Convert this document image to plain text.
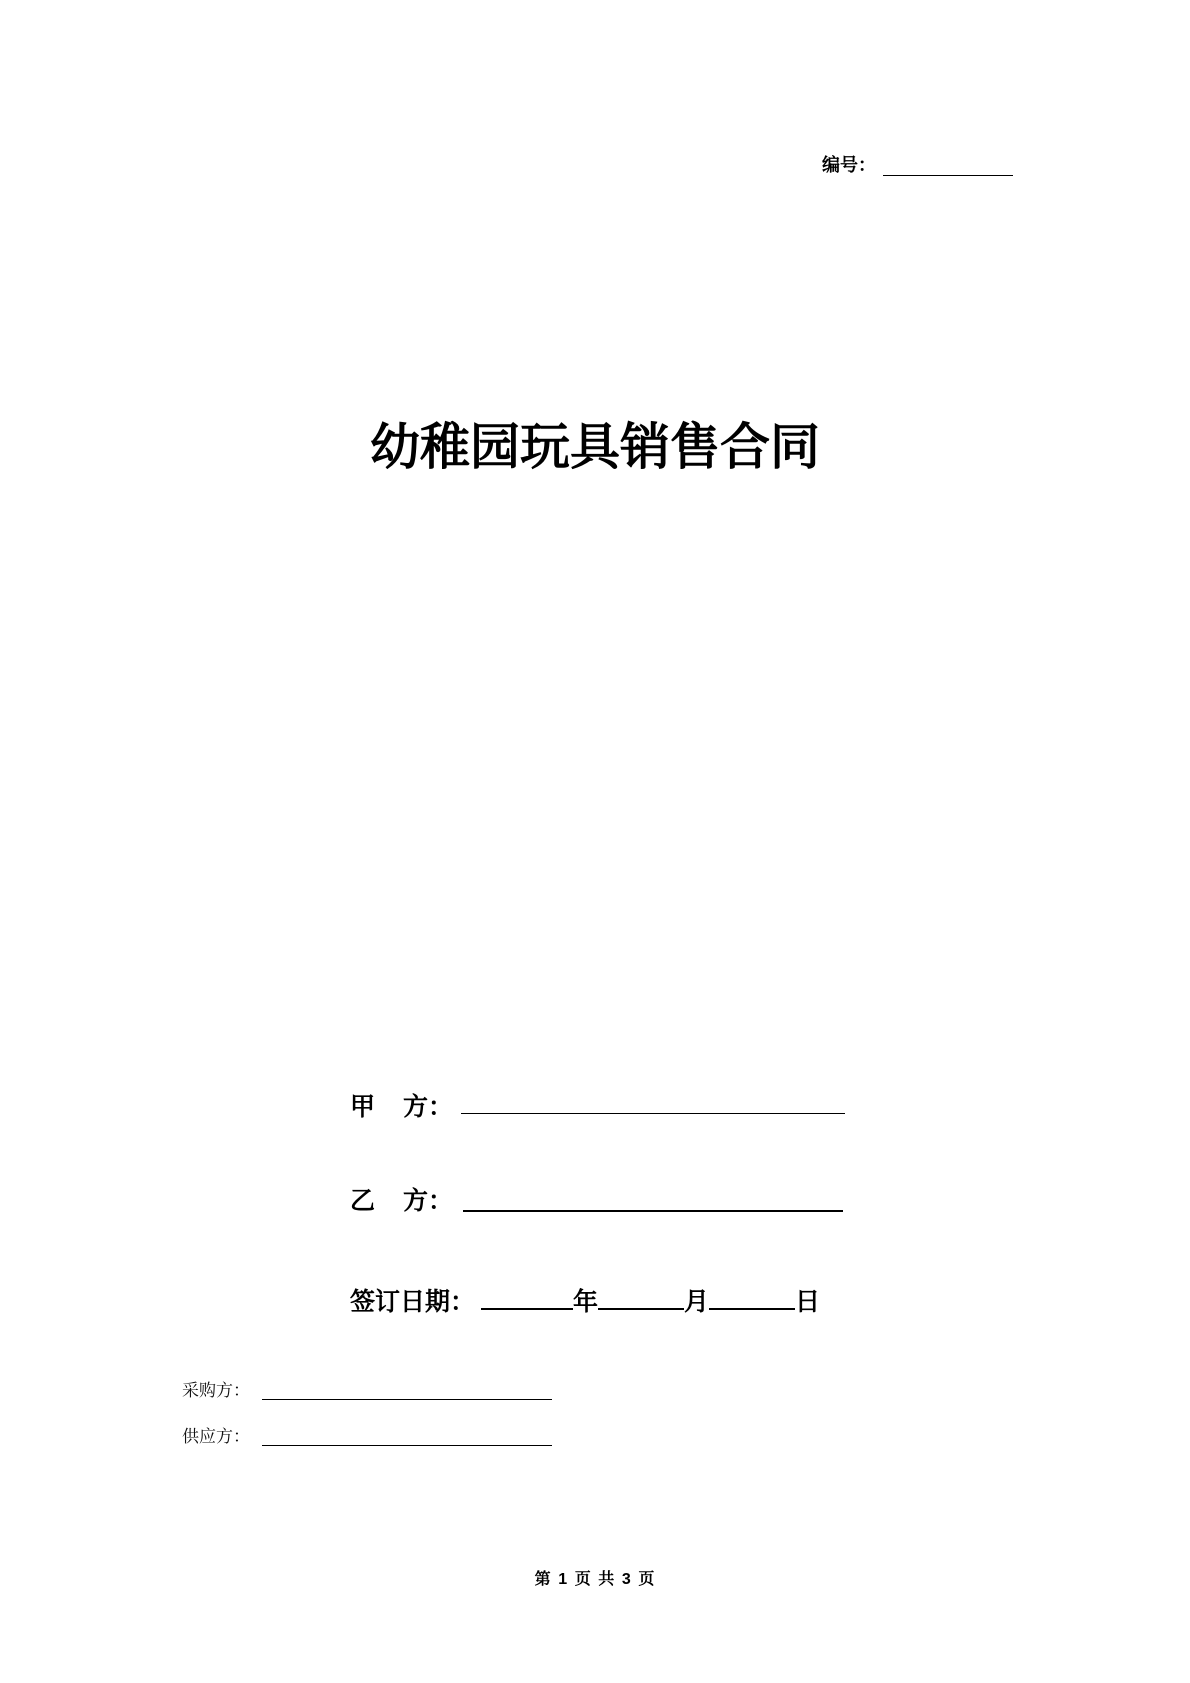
编号：
幼稚园玩具销售合同
甲 方：
乙 方：
签订日期：	年	月	日
采购方：
供应方：
第 1 页 共 3 页
